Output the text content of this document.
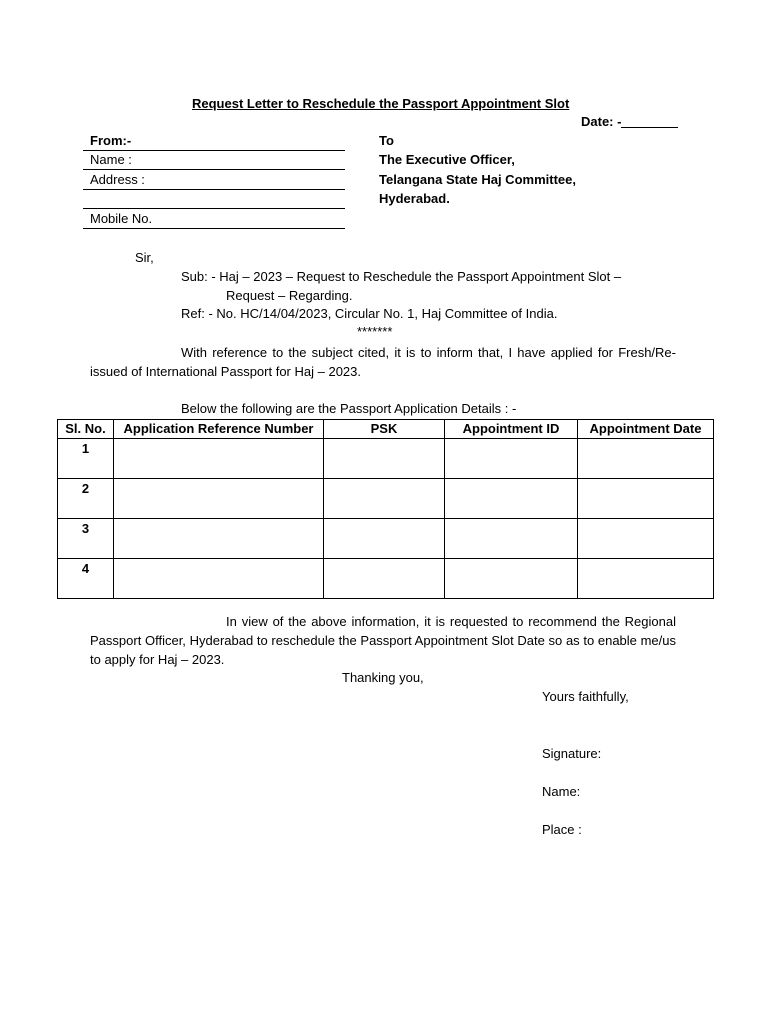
Request Letter to Reschedule the Passport Appointment Slot
Date: -
From:-
Name :
Address :
Mobile No.
To
The Executive Officer,
Telangana State Haj Committee,
Hyderabad.
Sir,
Sub: - Haj – 2023 – Request to Reschedule the Passport Appointment Slot –
Request – Regarding.
Ref: - No. HC/14/04/2023, Circular No. 1, Haj Committee of India.
*******
With reference to the subject cited, it is to inform that, I have applied for Fresh/Re-issued of International Passport for Haj – 2023.
Below the following are the Passport Application Details : -
Sl. No.	Application Reference Number	PSK	Appointment ID	Appointment Date
1				
2				
3				
4				
In view of the above information, it is requested to recommend the Regional Passport Officer, Hyderabad to reschedule the Passport Appointment Slot Date so as to enable me/us to apply for Haj – 2023.
Thanking you,
Yours faithfully,
Signature:
Name:
Place :
